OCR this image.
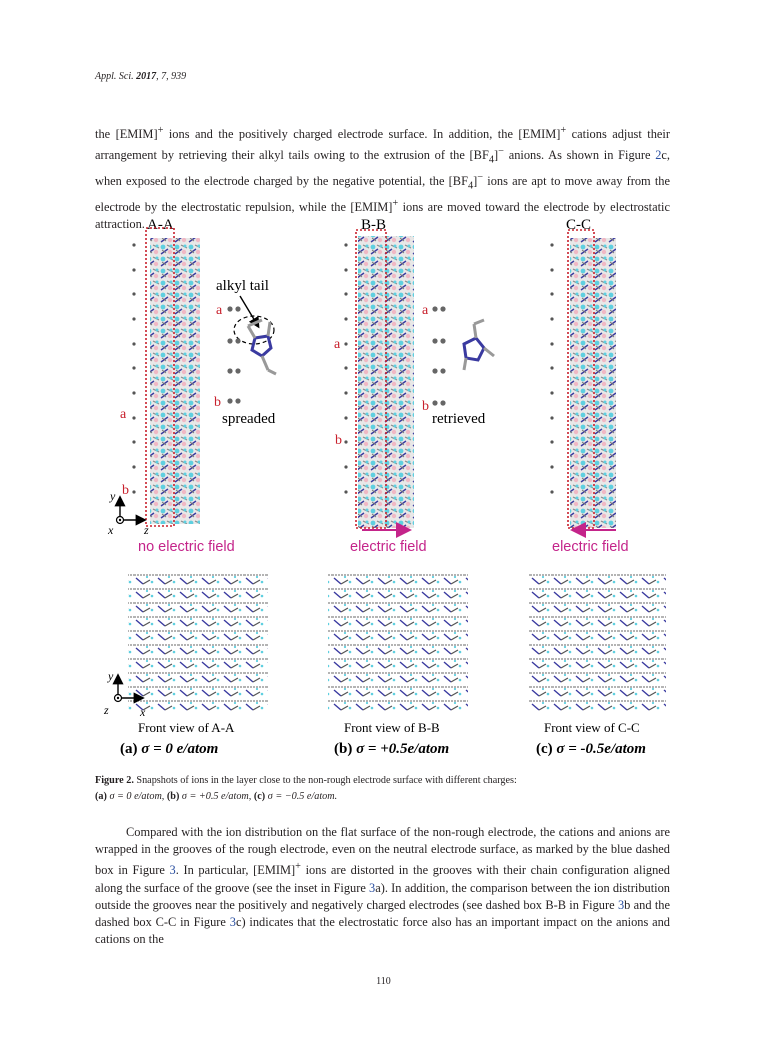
Appl. Sci. 2017, 7, 939

the [EMIM]+ ions and the positively charged electrode surface. In addition, the [EMIM]+ cations adjust their arrangement by retrieving their alkyl tails owing to the extrusion of the $[BF_4]^-$ anions. As shown in Figure 2c, when exposed to the electrode charged by the negative potential, the $[BF_4]^-$ ions are apt to move away from the electrode by the electrostatic repulsion, while the [EMIM]+ ions are moved toward the electrode by electrostatic attraction. A-A
a
b
alkyl tail
a
b
spreaded
y
x	z
no electric field
B-B
a
b
a
b
retrieved
electric field
C-C
electric field
y
z	x
Front view of A-A	Front view of B-B	Front view of C-C
(a) σ = 0 e/atom	(b) σ = +0.5e/atom	(c) σ = -0.5e/atom

Figure 2. Snapshots of ions in the layer close to the non-rough electrode surface with different charges:
(a) σ = 0 e/atom, (b) σ = +0.5 e/atom, (c) σ = −0.5 e/atom.

Compared with the ion distribution on the flat surface of the non-rough electrode, the cations and anions are wrapped in the grooves of the rough electrode, even on the neutral electrode surface, as marked by the blue dashed box in Figure 3. In particular, [EMIM]+ ions are distorted in the grooves with their chain configuration aligned along the surface of the groove (see the inset in Figure 3a). In addition, the comparison between the ion distribution outside the grooves near the positively and negatively charged electrodes (see dashed box B-B in Figure 3b and the dashed box C-C in Figure 3c) indicates that the electrostatic force also has an important impact on the anions and cations on the

110
